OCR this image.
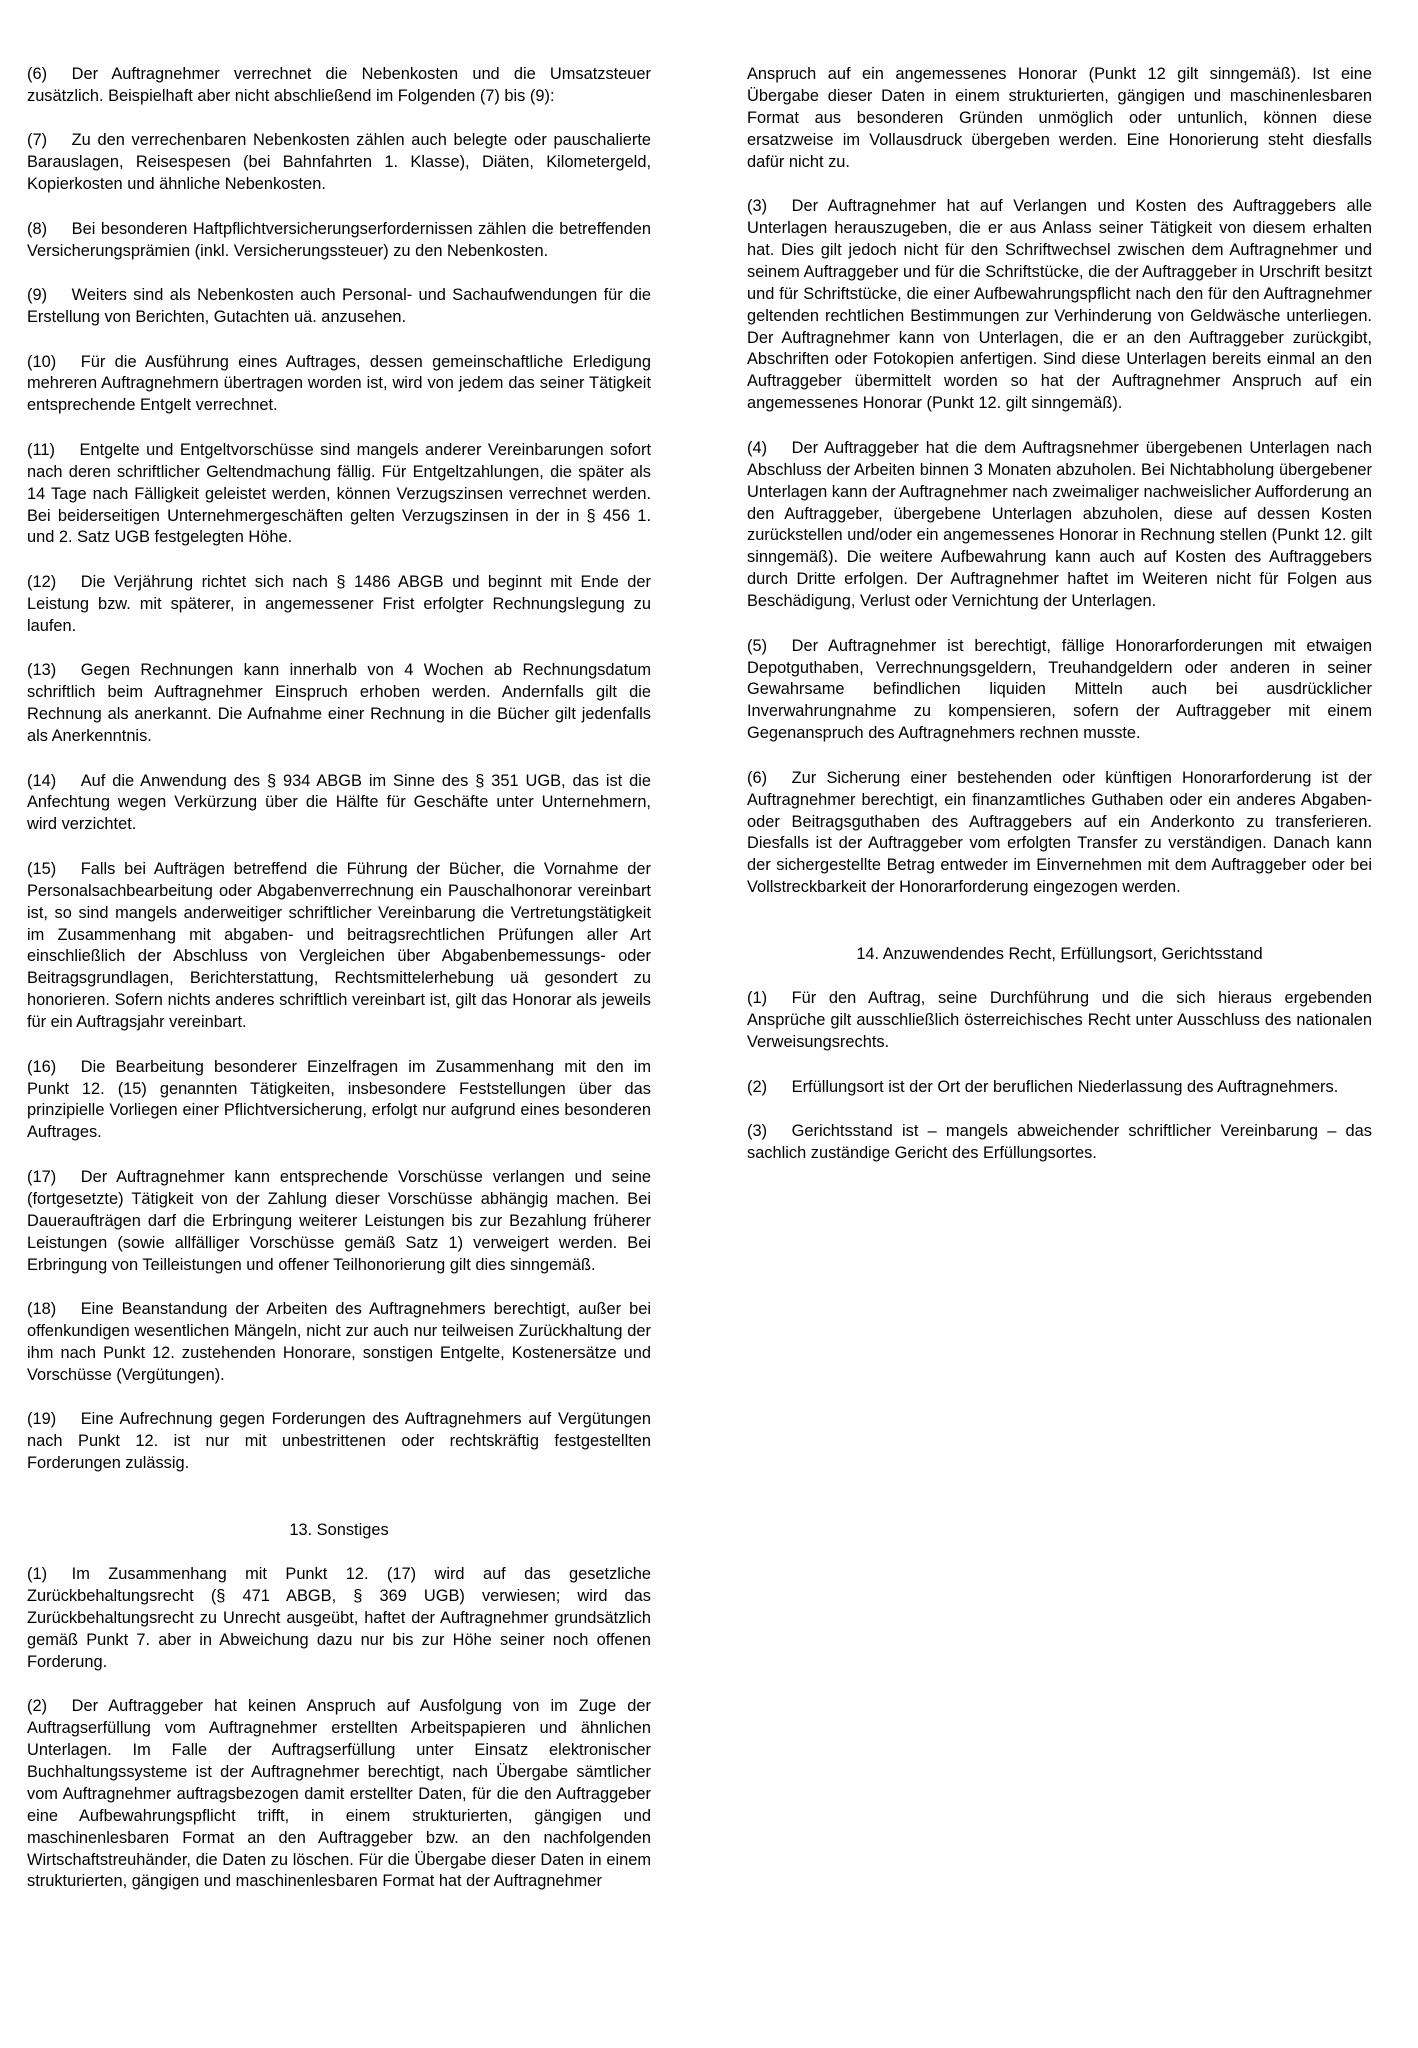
(6)   Der Auftragnehmer verrechnet die Nebenkosten und die Umsatzsteuer zusätzlich. Beispielhaft aber nicht abschließend im Folgenden (7) bis (9):

(7)   Zu den verrechenbaren Nebenkosten zählen auch belegte oder pauschalierte Barauslagen, Reisespesen (bei Bahnfahrten 1. Klasse), Diäten, Kilometergeld, Kopierkosten und ähnliche Nebenkosten.

(8)   Bei besonderen Haftpflichtversicherungserfordernissen zählen die betreffenden Versicherungsprämien (inkl. Versicherungssteuer) zu den Nebenkosten.

(9)   Weiters sind als Nebenkosten auch Personal- und Sachaufwendungen für die Erstellung von Berichten, Gutachten uä. anzusehen.

(10)   Für die Ausführung eines Auftrages, dessen gemeinschaftliche Erledigung mehreren Auftragnehmern übertragen worden ist, wird von jedem das seiner Tätigkeit entsprechende Entgelt verrechnet.

(11)   Entgelte und Entgeltvorschüsse sind mangels anderer Vereinbarungen sofort nach deren schriftlicher Geltendmachung fällig. Für Entgeltzahlungen, die später als 14 Tage nach Fälligkeit geleistet werden, können Verzugszinsen verrechnet werden. Bei beiderseitigen Unternehmergeschäften gelten Verzugszinsen in der in § 456 1. und 2. Satz UGB festgelegten Höhe.

(12)   Die Verjährung richtet sich nach § 1486 ABGB und beginnt mit Ende der Leistung bzw. mit späterer, in angemessener Frist erfolgter Rechnungslegung zu laufen.

(13)   Gegen Rechnungen kann innerhalb von 4 Wochen ab Rechnungsdatum schriftlich beim Auftragnehmer Einspruch erhoben werden. Andernfalls gilt die Rechnung als anerkannt. Die Aufnahme einer Rechnung in die Bücher gilt jedenfalls als Anerkenntnis.

(14)   Auf die Anwendung des § 934 ABGB im Sinne des § 351 UGB, das ist die Anfechtung wegen Verkürzung über die Hälfte für Geschäfte unter Unternehmern, wird verzichtet.

(15)   Falls bei Aufträgen betreffend die Führung der Bücher, die Vornahme der Personalsachbearbeitung oder Abgabenverrechnung ein Pauschalhonorar vereinbart ist, so sind mangels anderweitiger schriftlicher Vereinbarung die Vertretungstätigkeit im Zusammenhang mit abgaben- und beitragsrechtlichen Prüfungen aller Art einschließlich der Abschluss von Vergleichen über Abgabenbemessungs- oder Beitragsgrundlagen, Berichterstattung, Rechtsmittelerhebung uä gesondert zu honorieren. Sofern nichts anderes schriftlich vereinbart ist, gilt das Honorar als jeweils für ein Auftragsjahr vereinbart.

(16)   Die Bearbeitung besonderer Einzelfragen im Zusammenhang mit den im Punkt 12. (15) genannten Tätigkeiten, insbesondere Feststellungen über das prinzipielle Vorliegen einer Pflichtversicherung, erfolgt nur aufgrund eines besonderen Auftrages.

(17)   Der Auftragnehmer kann entsprechende Vorschüsse verlangen und seine (fortgesetzte) Tätigkeit von der Zahlung dieser Vorschüsse abhängig machen. Bei Daueraufträgen darf die Erbringung weiterer Leistungen bis zur Bezahlung früherer Leistungen (sowie allfälliger Vorschüsse gemäß Satz 1) verweigert werden. Bei Erbringung von Teilleistungen und offener Teilhonorierung gilt dies sinngemäß.

(18)   Eine Beanstandung der Arbeiten des Auftragnehmers berechtigt, außer bei offenkundigen wesentlichen Mängeln, nicht zur auch nur teilweisen Zurückhaltung der ihm nach Punkt 12. zustehenden Honorare, sonstigen Entgelte, Kostenersätze und Vorschüsse (Vergütungen).

(19)   Eine Aufrechnung gegen Forderungen des Auftragnehmers auf Vergütungen nach Punkt 12. ist nur mit unbestrittenen oder rechtskräftig festgestellten Forderungen zulässig.

13. Sonstiges

(1)   Im Zusammenhang mit Punkt 12. (17) wird auf das gesetzliche Zurückbehaltungsrecht (§ 471 ABGB, § 369 UGB) verwiesen; wird das Zurückbehaltungsrecht zu Unrecht ausgeübt, haftet der Auftragnehmer grundsätzlich gemäß Punkt 7. aber in Abweichung dazu nur bis zur Höhe seiner noch offenen Forderung.

(2)   Der Auftraggeber hat keinen Anspruch auf Ausfolgung von im Zuge der Auftragserfüllung vom Auftragnehmer erstellten Arbeitspapieren und ähnlichen Unterlagen. Im Falle der Auftragserfüllung unter Einsatz elektronischer Buchhaltungssysteme ist der Auftragnehmer berechtigt, nach Übergabe sämtlicher vom Auftragnehmer auftragsbezogen damit erstellter Daten, für die den Auftraggeber eine Aufbewahrungspflicht trifft, in einem strukturierten, gängigen und maschinenlesbaren Format an den Auftraggeber bzw. an den nachfolgenden Wirtschaftstreuhänder, die Daten zu löschen. Für die Übergabe dieser Daten in einem strukturierten, gängigen und maschinenlesbaren Format hat der Auftragnehmer

Anspruch auf ein angemessenes Honorar (Punkt 12 gilt sinngemäß). Ist eine Übergabe dieser Daten in einem strukturierten, gängigen und maschinenlesbaren Format aus besonderen Gründen unmöglich oder untunlich, können diese ersatzweise im Vollausdruck übergeben werden. Eine Honorierung steht diesfalls dafür nicht zu.

(3)   Der Auftragnehmer hat auf Verlangen und Kosten des Auftraggebers alle Unterlagen herauszugeben, die er aus Anlass seiner Tätigkeit von diesem erhalten hat. Dies gilt jedoch nicht für den Schriftwechsel zwischen dem Auftragnehmer und seinem Auftraggeber und für die Schriftstücke, die der Auftraggeber in Urschrift besitzt und für Schriftstücke, die einer Aufbewahrungspflicht nach den für den Auftragnehmer geltenden rechtlichen Bestimmungen zur Verhinderung von Geldwäsche unterliegen. Der Auftragnehmer kann von Unterlagen, die er an den Auftraggeber zurückgibt, Abschriften oder Fotokopien anfertigen. Sind diese Unterlagen bereits einmal an den Auftraggeber übermittelt worden so hat der Auftragnehmer Anspruch auf ein angemessenes Honorar (Punkt 12. gilt sinngemäß).

(4)   Der Auftraggeber hat die dem Auftragsnehmer übergebenen Unterlagen nach Abschluss der Arbeiten binnen 3 Monaten abzuholen. Bei Nichtabholung übergebener Unterlagen kann der Auftragnehmer nach zweimaliger nachweislicher Aufforderung an den Auftraggeber, übergebene Unterlagen abzuholen, diese auf dessen Kosten zurückstellen und/oder ein angemessenes Honorar in Rechnung stellen (Punkt 12. gilt sinngemäß). Die weitere Aufbewahrung kann auch auf Kosten des Auftraggebers durch Dritte erfolgen. Der Auftragnehmer haftet im Weiteren nicht für Folgen aus Beschädigung, Verlust oder Vernichtung der Unterlagen.

(5)   Der Auftragnehmer ist berechtigt, fällige Honorarforderungen mit etwaigen Depotguthaben, Verrechnungsgeldern, Treuhandgeldern oder anderen in seiner Gewahrsame befindlichen liquiden Mitteln auch bei ausdrücklicher Inverwahrungnahme zu kompensieren, sofern der Auftraggeber mit einem Gegenanspruch des Auftragnehmers rechnen musste.

(6)   Zur Sicherung einer bestehenden oder künftigen Honorarforderung ist der Auftragnehmer berechtigt, ein finanzamtliches Guthaben oder ein anderes Abgaben- oder Beitragsguthaben des Auftraggebers auf ein Anderkonto zu transferieren. Diesfalls ist der Auftraggeber vom erfolgten Transfer zu verständigen. Danach kann der sichergestellte Betrag entweder im Einvernehmen mit dem Auftraggeber oder bei Vollstreckbarkeit der Honorarforderung eingezogen werden.

14. Anzuwendendes Recht, Erfüllungsort, Gerichtsstand

(1)   Für den Auftrag, seine Durchführung und die sich hieraus ergebenden Ansprüche gilt ausschließlich österreichisches Recht unter Ausschluss des nationalen Verweisungsrechts.

(2)   Erfüllungsort ist der Ort der beruflichen Niederlassung des Auftragnehmers.

(3)   Gerichtsstand ist – mangels abweichender schriftlicher Vereinbarung – das sachlich zuständige Gericht des Erfüllungsortes.
